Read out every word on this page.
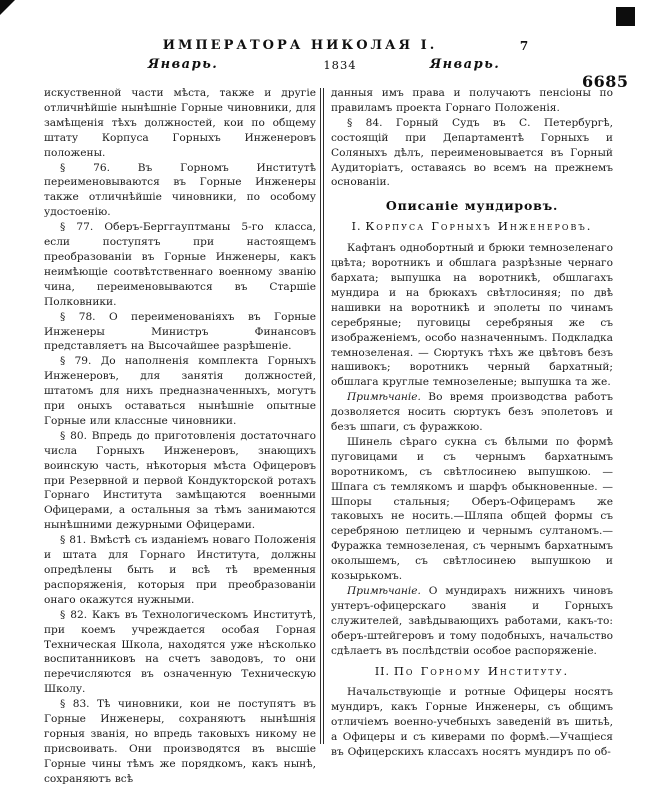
ИМПЕРАТОРА НИКОЛАЯ I.	7
Январь.	1834	Январь.
6685

искуственной части мѣста, также и другіе отличнѣйшіе нынѣшніе Горные чиновники, для замѣщенія тѣхъ должностей, кои по общему штату Корпуса Горныхъ Инженеровъ положены.

§ 76. Въ Горномъ Институтѣ переименовываются въ Горные Инженеры также отличнѣйшіе чиновники, по особому удостоенію.

§ 77. Оберъ-Берггауптманы 5-го класса, если поступятъ при настоящемъ преобразованіи въ Горные Инженеры, какъ неимѣющіе соотвѣтственнаго военному званію чина, переименовываются въ Старшіе Полковники.

§ 78. О переименованіяхъ въ Горные Инженеры Министръ Финансовъ представляетъ на Высочайшее разрѣшеніе.

§ 79. До наполненія комплекта Горныхъ Инженеровъ, для занятія должностей, штатомъ для нихъ предназначенныхъ, могутъ при оныхъ оставаться нынѣшніе опытные Горные или классные чиновники.

§ 80. Впредь до приготовленія достаточнаго числа Горныхъ Инженеровъ, знающихъ воинскую часть, нѣкоторыя мѣста Офицеровъ при Резервной и первой Кондукторской ротахъ Горнаго Института замѣщаются военными Офицерами, а остальныя за тѣмъ занимаются нынѣшними дежурными Офицерами.

§ 81. Вмѣстѣ съ изданіемъ новаго Положенія и штата для Горнаго Института, должны опредѣлены быть и всѣ тѣ временныя распоряженія, которыя при преобразованіи онаго окажутся нужными.

§ 82. Какъ въ Технологическомъ Институтѣ, при коемъ учреждается особая Горная Техническая Школа, находятся уже нѣсколько воспитанниковъ на счетъ заводовъ, то они перечисляются въ означенную Техническую Школу.

§ 83. Тѣ чиновники, кои не поступятъ въ Горные Инженеры, сохраняютъ нынѣшнія горныя званія, но впредь таковыхъ никому не присвоивать. Они производятся въ высшіе Горные чины тѣмъ же порядкомъ, какъ нынѣ, сохраняютъ всѣ

данныя имъ права и получаютъ пенсіоны по правиламъ проекта Горнаго Положенія.

§ 84. Горный Судъ въ С. Петербургѣ, состоящій при Департаментѣ Горныхъ и Соляныхъ дѣлъ, переименовывается въ Горный Аудиторіатъ, оставаясь во всемъ на прежнемъ основаніи.

Описаніе мундировъ.

I. Корпуса Горныхъ Инженеровъ.

Кафтанъ однобортный и брюки темнозеленаго цвѣта; воротникъ и обшлага разрѣзные чернаго бархата; выпушка на воротникѣ, обшлагахъ мундира и на брюкахъ свѣтлосиняя; по двѣ нашивки на воротникѣ и эполеты по чинамъ серебряные; пуговицы серебряныя же съ изображеніемъ, особо назначеннымъ. Подкладка темнозеленая. — Сюртукъ тѣхъ же цвѣтовъ безъ нашивокъ; воротникъ черный бархатный; обшлага круглые темнозеленые; выпушка та же.

Примѣчаніе. Во время производства работъ дозволяется носить сюртукъ безъ эполетовъ и безъ шпаги, съ фуражкою.

Шинель сѣраго сукна съ бѣлыми по формѣ пуговицами и съ чернымъ бархатнымъ воротникомъ, съ свѣтлосинею выпушкою. — Шпага съ темлякомъ и шарфъ обыкновенные. — Шпоры стальныя; Оберъ-Офицерамъ же таковыхъ не носить.—Шляпа общей формы съ серебряною петлицею и чернымъ султаномъ.—Фуражка темнозеленая, съ чернымъ бархатнымъ околышемъ, съ свѣтлосинею выпушкою и козырькомъ.

Примѣчаніе. О мундирахъ нижнихъ чиновъ унтеръ-офицерскаго званія и Горныхъ служителей, завѣдывающихъ работами, какъ-то: оберъ-штейгеровъ и тому подобныхъ, начальство сдѣлаетъ въ послѣдствіи особое распоряженіе.

II. По Горному Институту.

Начальствующіе и ротные Офицеры носятъ мундиръ, какъ Горные Инженеры, съ общимъ отличіемъ военно-учебныхъ заведеній въ шитьѣ, а Офицеры и съ киверами по формѣ.—Учащіеся въ Офицерскихъ классахъ носятъ мундиръ по об-
